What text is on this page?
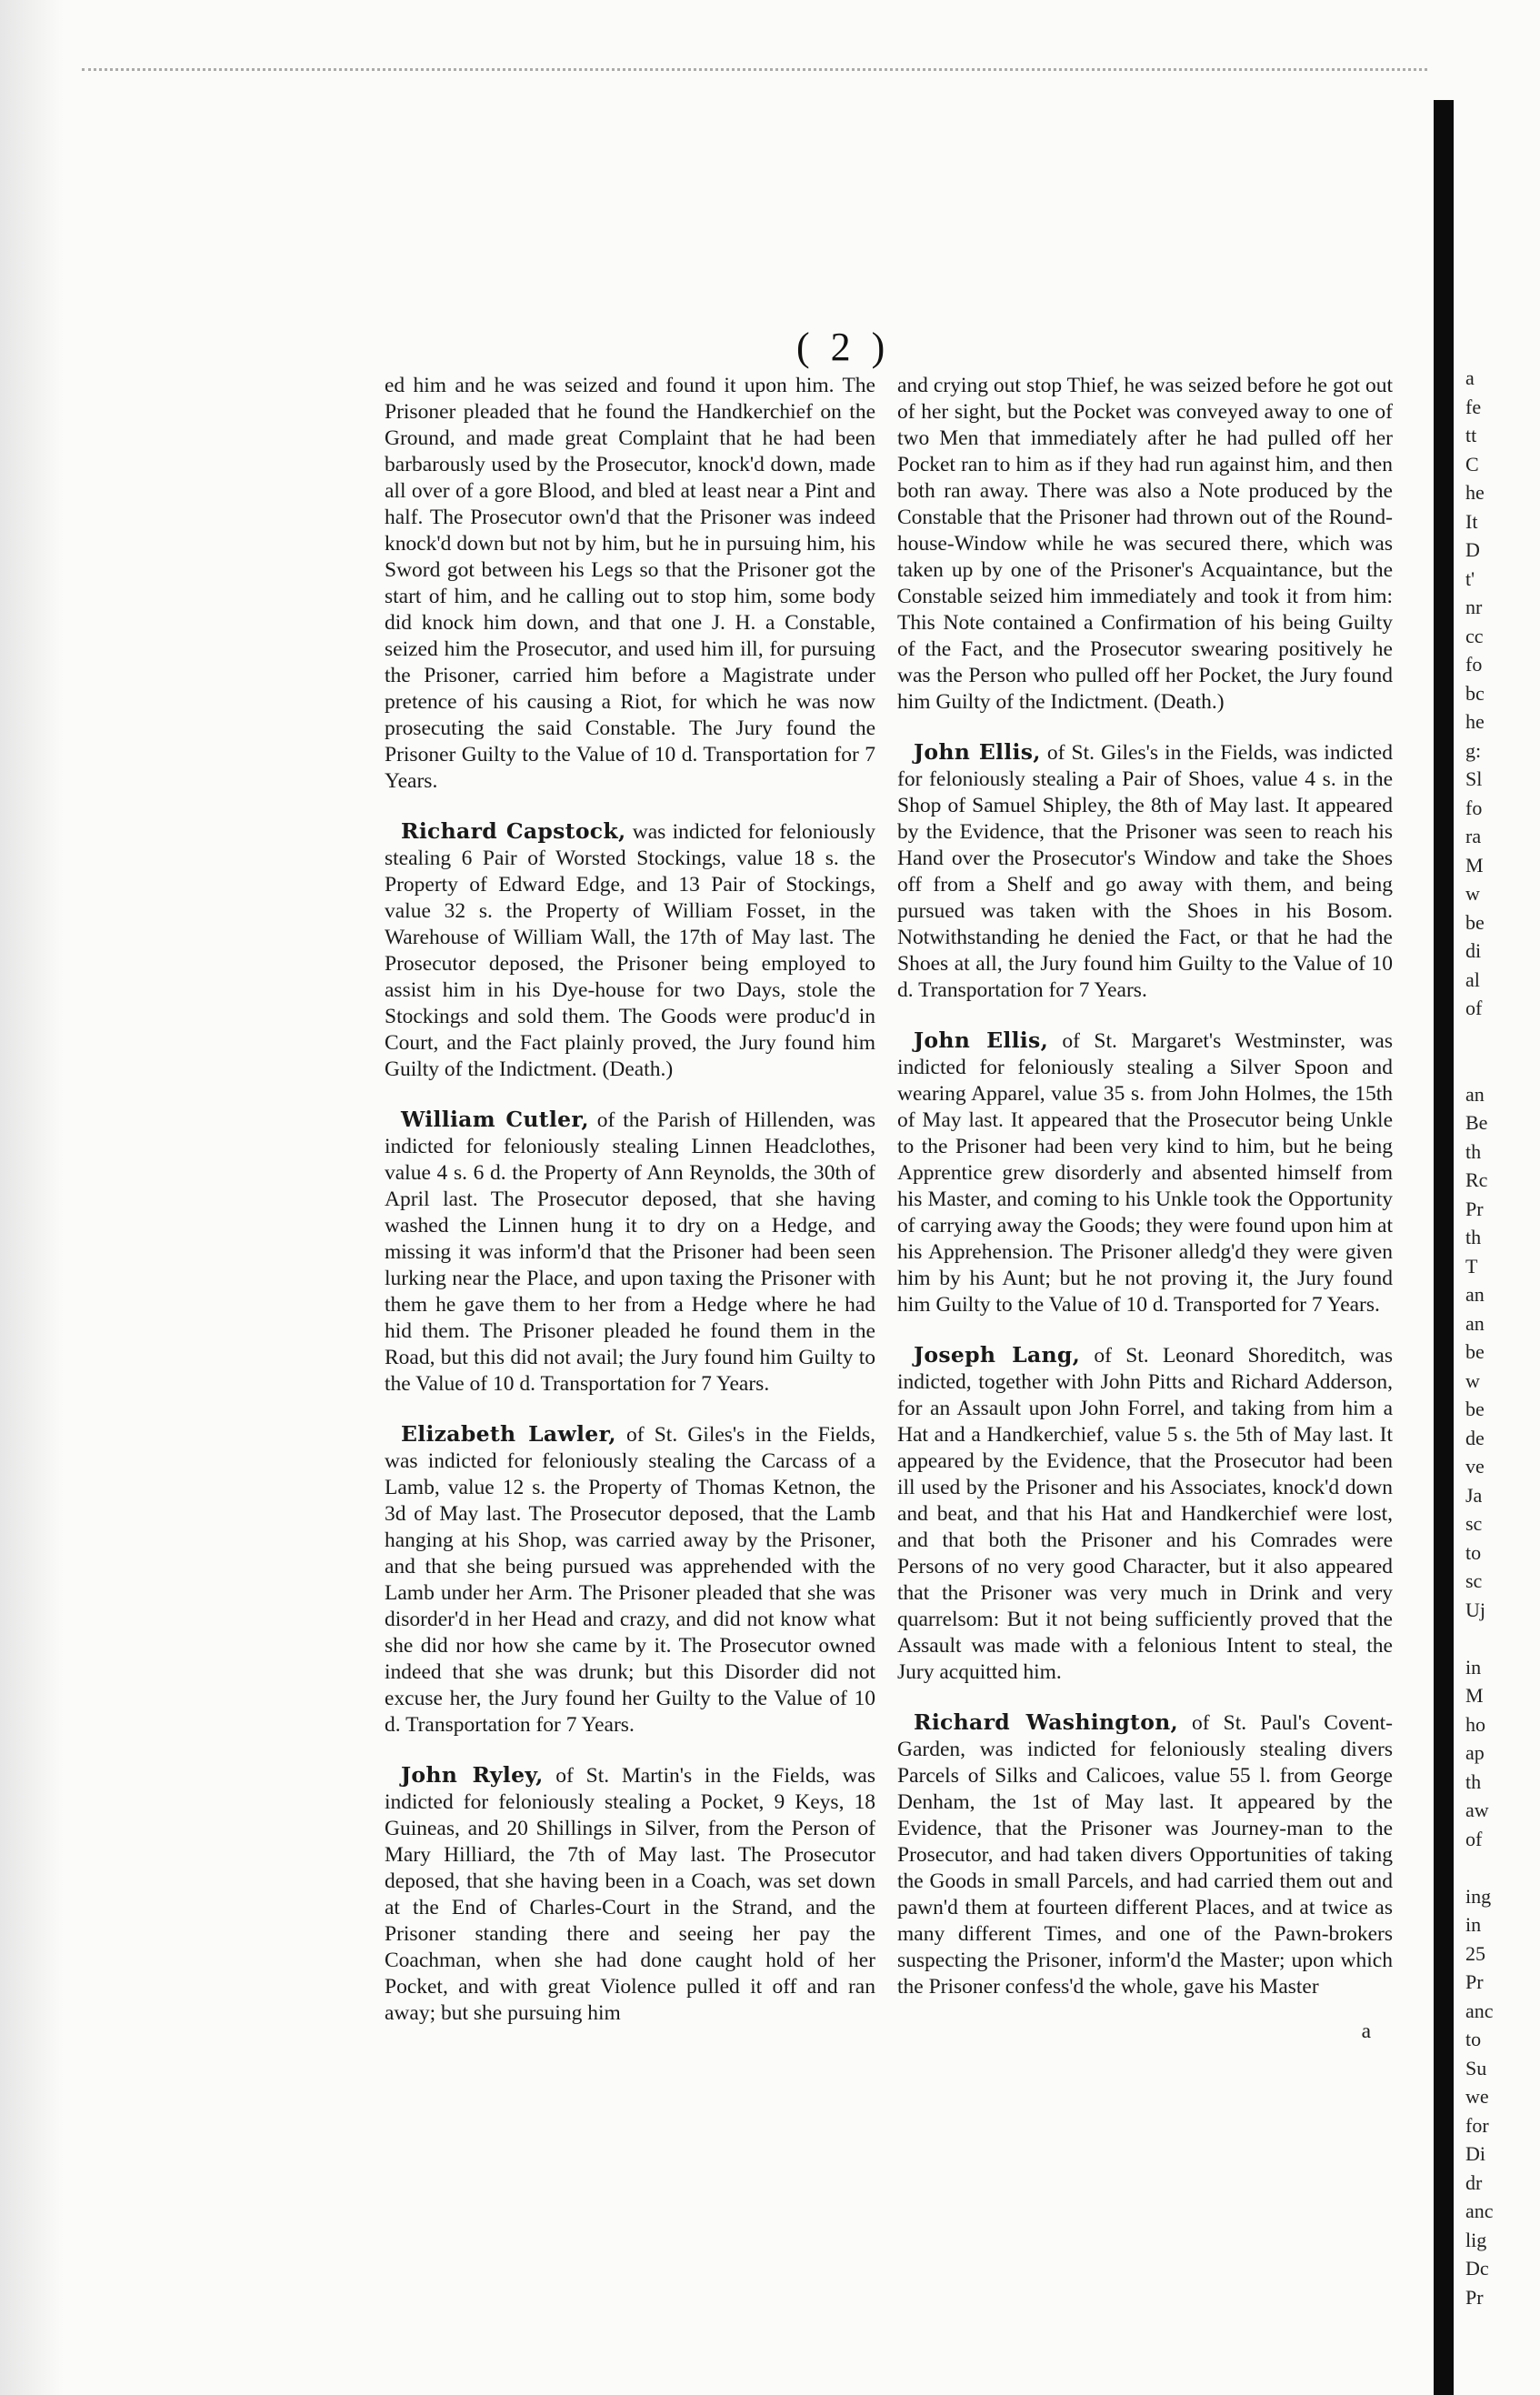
a
fe
tt
C
he
It
D
t'
nr
cc
fo
bc
he
g:
Sl
fo
ra
M
w
be
di
al
of

an
Be
th
Rc
Pr
th
T
an
an
be
w
be
de
ve
Ja
sc
to
sc
Uj

in
M
ho
ap
th
aw
of

ing
in
25
Pr
anc
to
Su
we
for
Di
dr
anc
lig
Dc
Pr
( 2 )

ed him and he was seized and found it upon him. The Prisoner pleaded that he found the Handkerchief on the Ground, and made great Complaint that he had been barbarously used by the Prosecutor, knock'd down, made all over of a gore Blood, and bled at least near a Pint and half. The Prosecutor own'd that the Prisoner was indeed knock'd down but not by him, but he in pursuing him, his Sword got between his Legs so that the Prisoner got the start of him, and he calling out to stop him, some body did knock him down, and that one J. H. a Constable, seized him the Prosecutor, and used him ill, for pursuing the Prisoner, carried him before a Magistrate under pretence of his causing a Riot, for which he was now prosecuting the said Constable. The Jury found the Prisoner Guilty to the Value of 10 d. Transportation for 7 Years.

Richard Capstock, was indicted for feloniously stealing 6 Pair of Worsted Stockings, value 18 s. the Property of Edward Edge, and 13 Pair of Stockings, value 32 s. the Property of William Fosset, in the Warehouse of William Wall, the 17th of May last. The Prosecutor deposed, the Prisoner being employed to assist him in his Dye-house for two Days, stole the Stockings and sold them. The Goods were produc'd in Court, and the Fact plainly proved, the Jury found him Guilty of the Indictment. (Death.)

William Cutler, of the Parish of Hillenden, was indicted for feloniously stealing Linnen Headclothes, value 4 s. 6 d. the Property of Ann Reynolds, the 30th of April last. The Prosecutor deposed, that she having washed the Linnen hung it to dry on a Hedge, and missing it was inform'd that the Prisoner had been seen lurking near the Place, and upon taxing the Prisoner with them he gave them to her from a Hedge where he had hid them. The Prisoner pleaded he found them in the Road, but this did not avail; the Jury found him Guilty to the Value of 10 d. Transportation for 7 Years.

Elizabeth Lawler, of St. Giles's in the Fields, was indicted for feloniously stealing the Carcass of a Lamb, value 12 s. the Property of Thomas Ketnon, the 3d of May last. The Prosecutor deposed, that the Lamb hanging at his Shop, was carried away by the Prisoner, and that she being pursued was apprehended with the Lamb under her Arm. The Prisoner pleaded that she was disorder'd in her Head and crazy, and did not know what she did nor how she came by it. The Prosecutor owned indeed that she was drunk; but this Disorder did not excuse her, the Jury found her Guilty to the Value of 10 d. Transportation for 7 Years.

John Ryley, of St. Martin's in the Fields, was indicted for feloniously stealing a Pocket, 9 Keys, 18 Guineas, and 20 Shillings in Silver, from the Person of Mary Hilliard, the 7th of May last. The Prosecutor deposed, that she having been in a Coach, was set down at the End of Charles-Court in the Strand, and the Prisoner standing there and seeing her pay the Coachman, when she had done caught hold of her Pocket, and with great Violence pulled it off and ran away; but she pursuing him

and crying out stop Thief, he was seized before he got out of her sight, but the Pocket was conveyed away to one of two Men that immediately after he had pulled off her Pocket ran to him as if they had run against him, and then both ran away. There was also a Note produced by the Constable that the Prisoner had thrown out of the Round-house-Window while he was secured there, which was taken up by one of the Prisoner's Acquaintance, but the Constable seized him immediately and took it from him: This Note contained a Confirmation of his being Guilty of the Fact, and the Prosecutor swearing positively he was the Person who pulled off her Pocket, the Jury found him Guilty of the Indictment. (Death.)

John Ellis, of St. Giles's in the Fields, was indicted for feloniously stealing a Pair of Shoes, value 4 s. in the Shop of Samuel Shipley, the 8th of May last. It appeared by the Evidence, that the Prisoner was seen to reach his Hand over the Prosecutor's Window and take the Shoes off from a Shelf and go away with them, and being pursued was taken with the Shoes in his Bosom. Notwithstanding he denied the Fact, or that he had the Shoes at all, the Jury found him Guilty to the Value of 10 d. Transportation for 7 Years.

John Ellis, of St. Margaret's Westminster, was indicted for feloniously stealing a Silver Spoon and wearing Apparel, value 35 s. from John Holmes, the 15th of May last. It appeared that the Prosecutor being Unkle to the Prisoner had been very kind to him, but he being Apprentice grew disorderly and absented himself from his Master, and coming to his Unkle took the Opportunity of carrying away the Goods; they were found upon him at his Apprehension. The Prisoner alledg'd they were given him by his Aunt; but he not proving it, the Jury found him Guilty to the Value of 10 d. Transported for 7 Years.

Joseph Lang, of St. Leonard Shoreditch, was indicted, together with John Pitts and Richard Adderson, for an Assault upon John Forrel, and taking from him a Hat and a Handkerchief, value 5 s. the 5th of May last. It appeared by the Evidence, that the Prosecutor had been ill used by the Prisoner and his Associates, knock'd down and beat, and that his Hat and Handkerchief were lost, and that both the Prisoner and his Comrades were Persons of no very good Character, but it also appeared that the Prisoner was very much in Drink and very quarrelsom: But it not being sufficiently proved that the Assault was made with a felonious Intent to steal, the Jury acquitted him.

Richard Washington, of St. Paul's Covent-Garden, was indicted for feloniously stealing divers Parcels of Silks and Calicoes, value 55 l. from George Denham, the 1st of May last. It appeared by the Evidence, that the Prisoner was Journey-man to the Prosecutor, and had taken divers Opportunities of taking the Goods in small Parcels, and had carried them out and pawn'd them at fourteen different Places, and at twice as many different Times, and one of the Pawn-brokers suspecting the Prisoner, inform'd the Master; upon which the Prisoner confess'd the whole, gave his Master

a
